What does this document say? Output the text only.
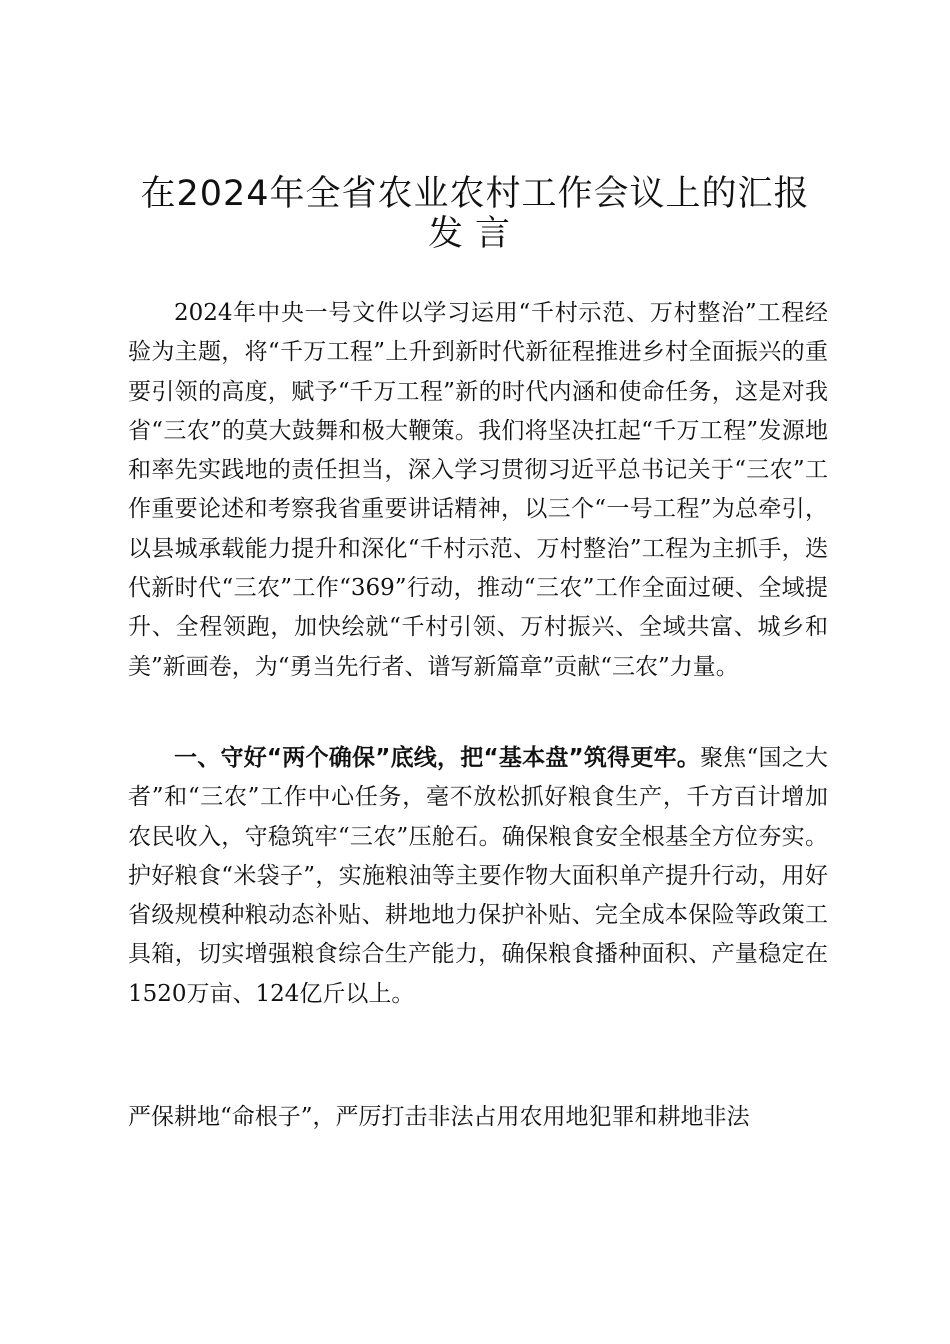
在2024年全省农业农村工作会议上的汇报
发言

2024年中央一号文件以学习运用“千村示范、万村整治”工程经验为主题，将“千万工程”上升到新时代新征程推进乡村全面振兴的重要引领的高度，赋予“千万工程”新的时代内涵和使命任务，这是对我省“三农”的莫大鼓舞和极大鞭策。我们将坚决扛起“千万工程”发源地和率先实践地的责任担当，深入学习贯彻习近平总书记关于“三农”工作重要论述和考察我省重要讲话精神，以三个“一号工程”为总牵引，以县城承载能力提升和深化“千村示范、万村整治”工程为主抓手，迭代新时代“三农”工作“369”行动，推动“三农”工作全面过硬、全域提升、全程领跑，加快绘就“千村引领、万村振兴、全域共富、城乡和美”新画卷，为“勇当先行者、谱写新篇章”贡献“三农”力量。

一、守好“两个确保”底线，把“基本盘”筑得更牢。聚焦“国之大者”和“三农”工作中心任务，毫不放松抓好粮食生产，千方百计增加农民收入，守稳筑牢“三农”压舱石。确保粮食安全根基全方位夯实。护好粮食“米袋子”，实施粮油等主要作物大面积单产提升行动，用好省级规模种粮动态补贴、耕地地力保护补贴、完全成本保险等政策工具箱，切实增强粮食综合生产能力，确保粮食播种面积、产量稳定在1520万亩、124亿斤以上。

严保耕地“命根子”，严厉打击非法占用农用地犯罪和耕地非法
